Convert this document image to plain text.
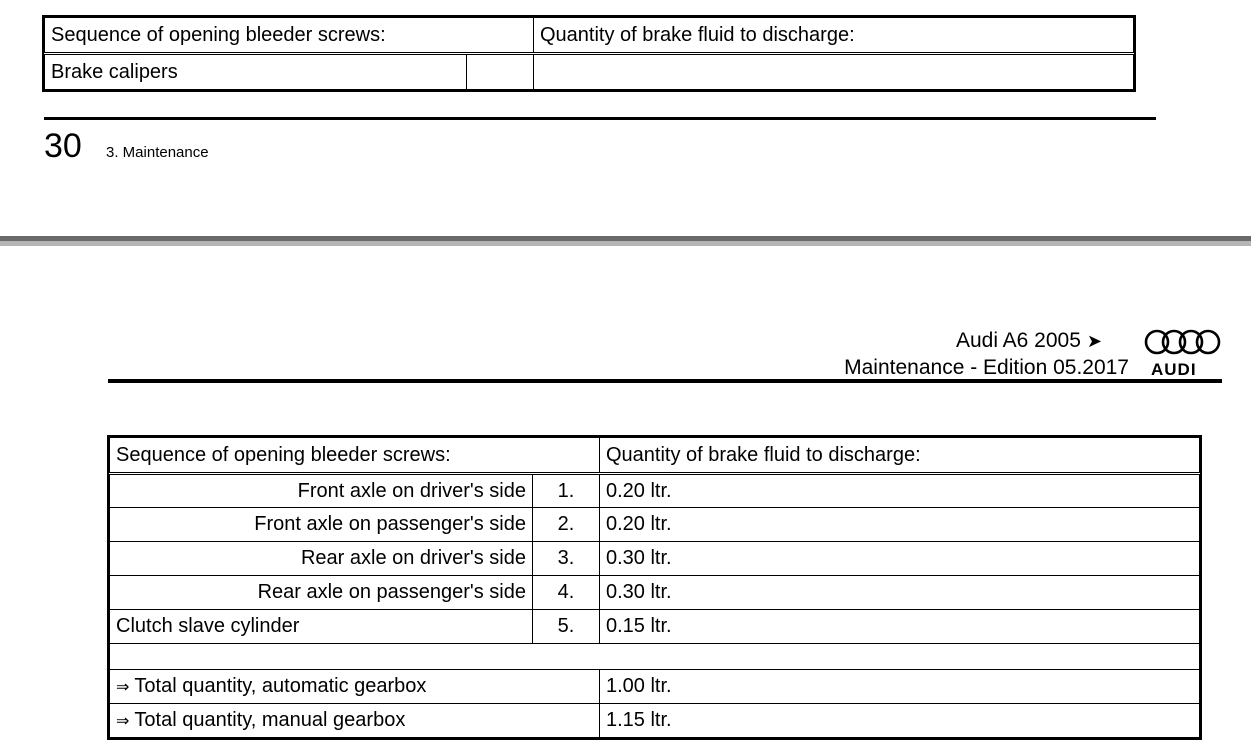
Sequence of opening bleeder screws:		Quantity of brake fluid to discharge:
Brake calipers		
30 3. Maintenance
Audi A6 2005 ➤
Maintenance - Edition 05.2017 AUDI
Sequence of opening bleeder screws:		Quantity of brake fluid to discharge:
Front axle on driver's side	1.	0.20 ltr.
Front axle on passenger's side	2.	0.20 ltr.
Rear axle on driver's side	3.	0.30 ltr.
Rear axle on passenger's side	4.	0.30 ltr.
Clutch slave cylinder	5.	0.15 ltr.

⇒ Total quantity, automatic gearbox		1.00 ltr.
⇒ Total quantity, manual gearbox		1.15 ltr.
